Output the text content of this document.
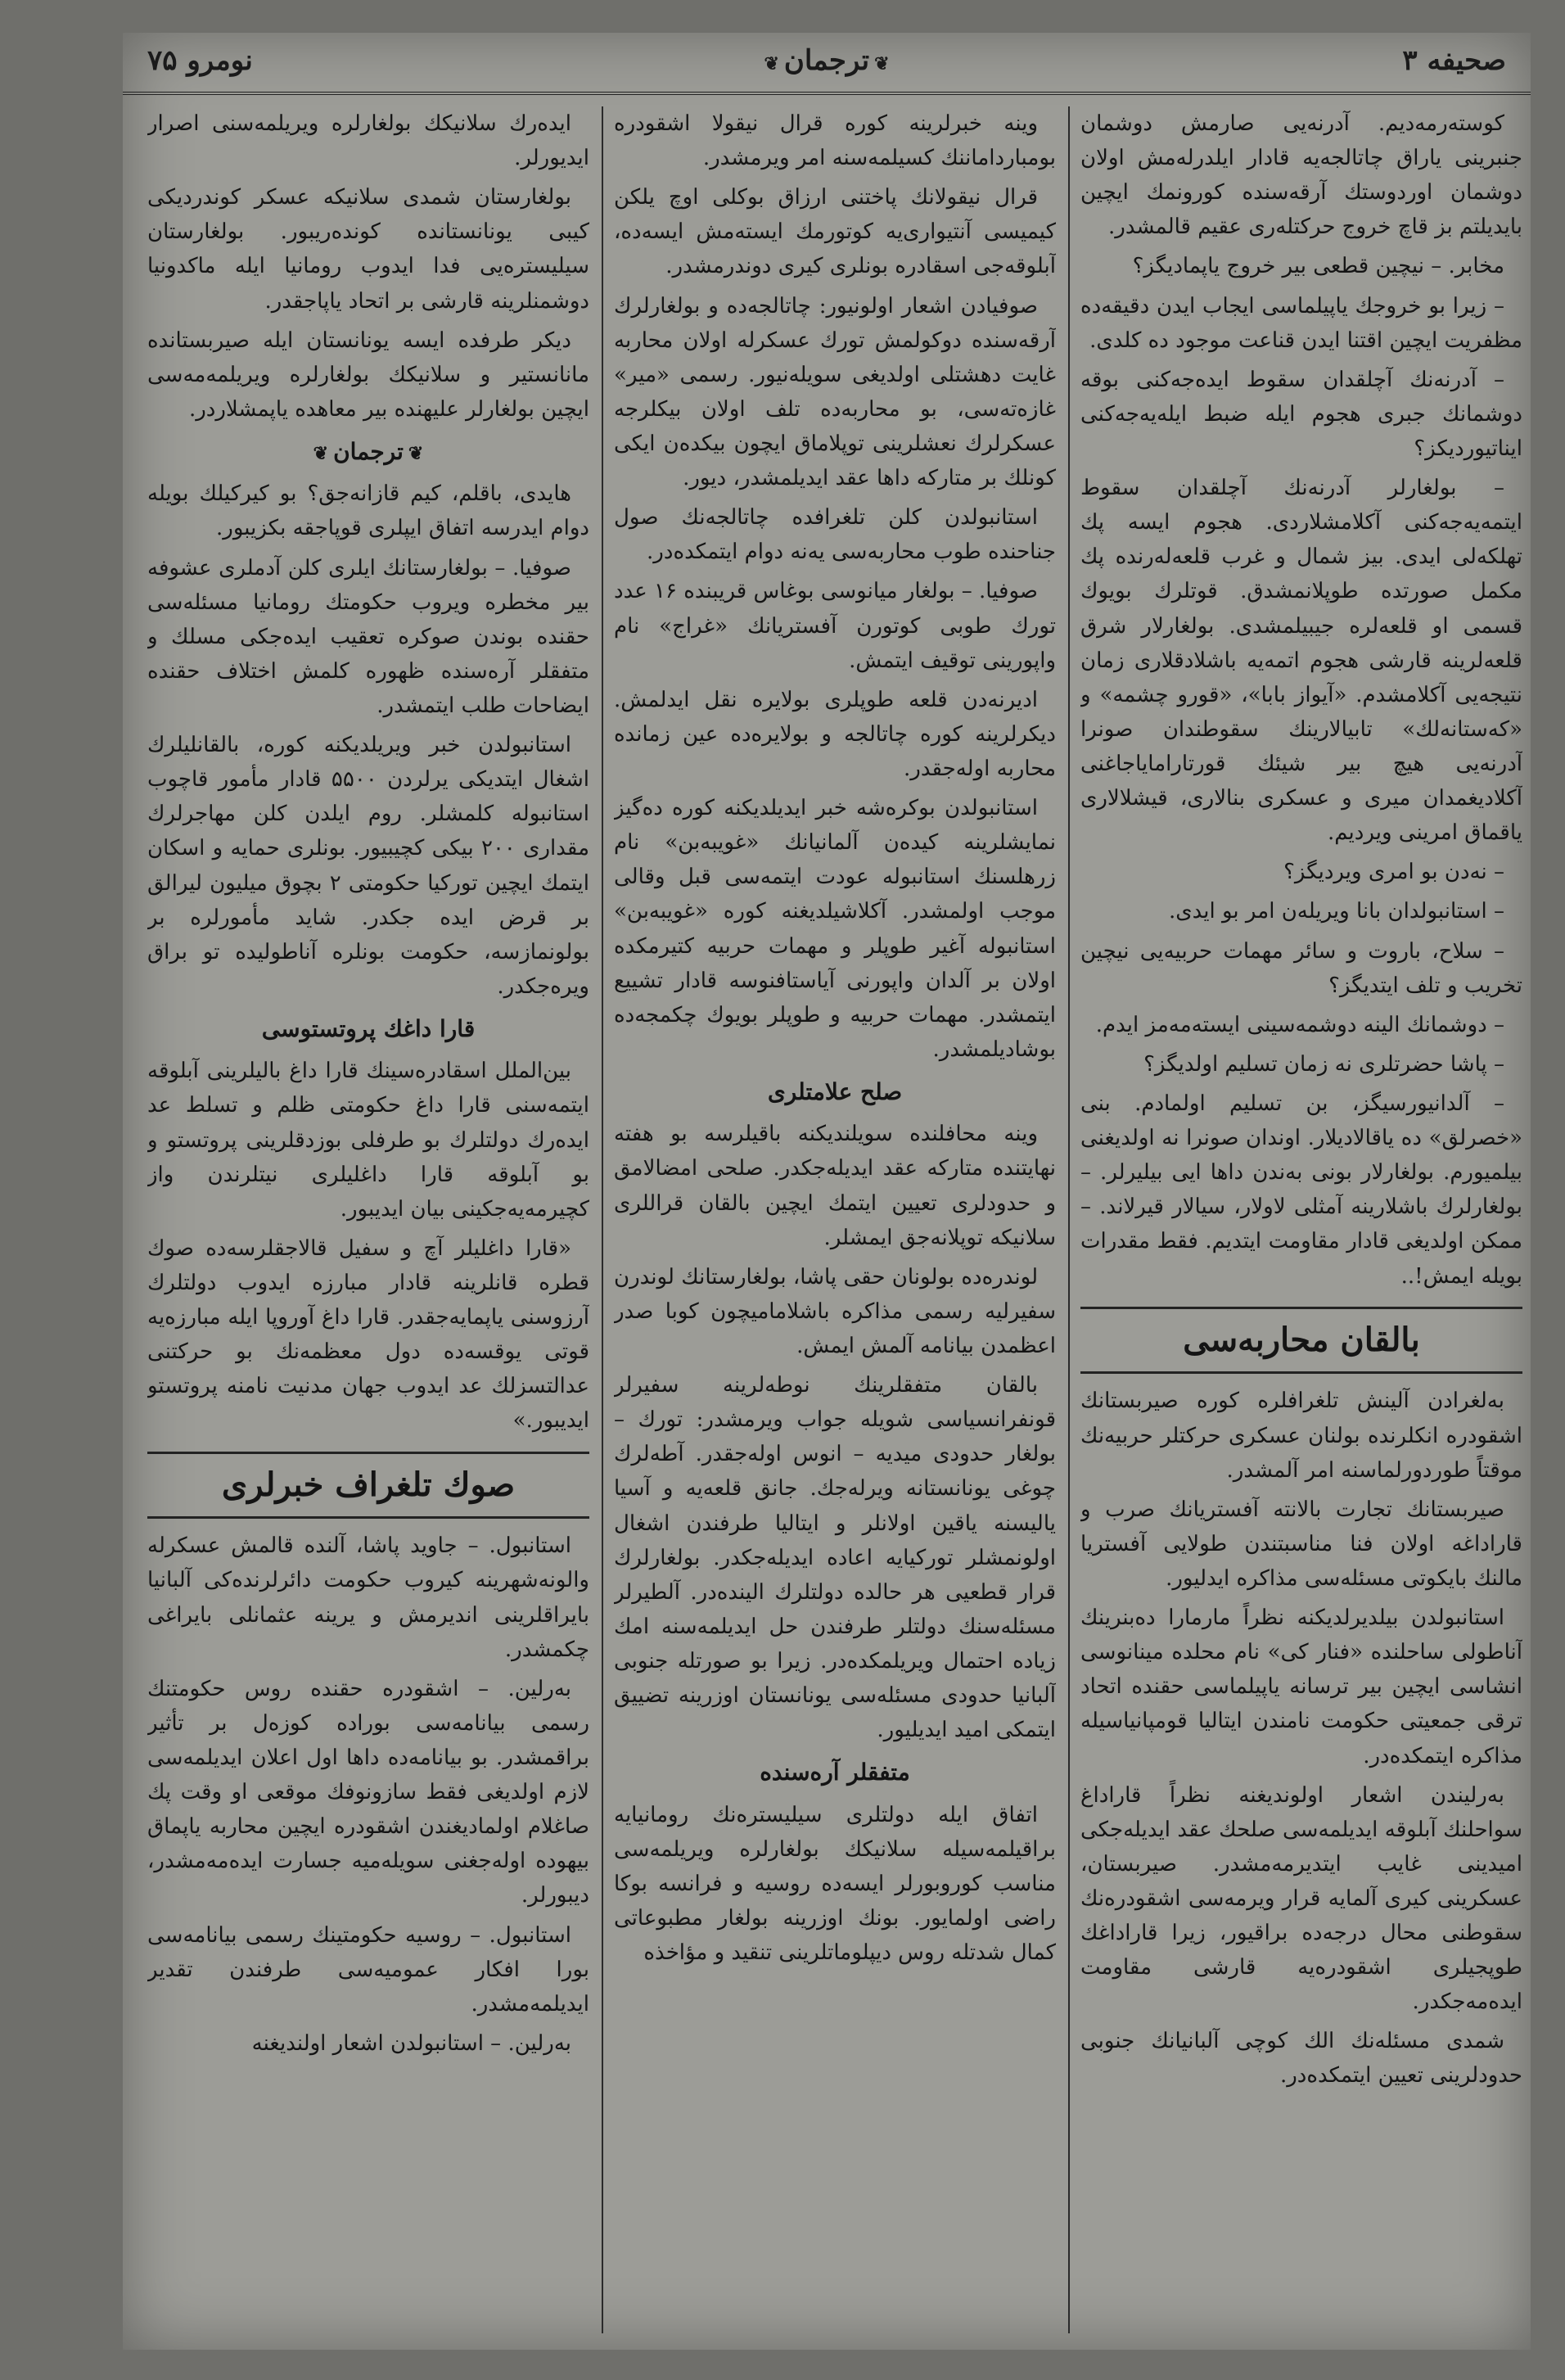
صحیفه ۳
❦ترجمان❦
نومرو ۷۵

کوستەرمەدیم. آدرنەیی صارمش دوشمان جنبرینی یاراق چاتالجەیە قادار ایلدرلەمش اولان دوشمان اوردوستك آرقەسندە كورونمك ایچین بایدیلتم بز قاچ خروج حرکتلەری عقیم قالمشدر.

مخابر. – نیچین قطعی بیر خروج یاپمادیگز؟

– زیرا بو خروجك یاپیلماسی ایجاب ایدن دقیقەدە مظفریت ایچین اقتنا ایدن قناعت موجود دە کلدی.

– آدرنەنك آچلقدان سقوط ایدەجەکنی بوقە دوشمانك جبری هجوم ایلە ضبط ایلەیەجەکنی ایناتیوردیکز؟

– بولغارلر آدرنەنك آچلقدان سقوط ایتمەیەجەکنی آکلامشلاردی. هجوم ایسە پك تهلکەلی ایدی. بیز شمال و غرب قلعەلەرندە پك مکمل صورتدە طوپلانمشدق. قوتلرك بویوك قسمی او قلعەلرە جیبیلمشدی. بولغارلار شرق قلعەلرینە قارشی هجوم اتمەیە باشلادقلاری زمان نتیجەیی آکلامشدم. «آیواز بابا»، «قورو چشمە» و «کەستانەلك» تابیالارینك سقوطندان صونرا آدرنەیی هیچ بیر شیئك قورتارامایاجاغنی آکلادیغمدان میری و عسکری بنالاری، قیشلالاری یاقماق امرینی ویردیم.

– نەدن بو امری ویردیگز؟

– استانبولدان بانا ویریلەن امر بو ایدی.

– سلاح، باروت و سائر مهمات حربیەیی نیچین تخریب و تلف ایتدیگز؟

– دوشمانك الینە دوشمەسینی ایستەمەمز ایدم.

– پاشا حضرتلرى نە زمان تسلیم اولدیگز؟

– آلدانیورسیگز، بن تسلیم اولمادم. بنی «خصرلق» دە یاقالادیلار. اوندان صونرا نە اولدیغنی بیلمیورم. بولغارلار بونی بەندن داها ایی بیلیرلر. – بولغارلرك باشلارینە آمثلی لاولار، سیالار قیرلاند. – ممکن اولدیغی قادار مقاومت ایتدیم. فقط مقدرات بویلە ایمش!..

بالقان محاربەسی

بەلغرادن آلینش تلغرافلرە کورە صیربستانك اشقودرە انکلرندە بولنان عسکری حرکتلر حربیەنك موقتاً طوردورلماسنە امر آلمشدر.

صیربستانك تجارت بالانتە آفستریانك صرب و قاراداغە اولان فنا مناسبتندن طولایی آفستریا مالنك بایکوتی مسئلەسی مذاکرە ایدلیور.

استانبولدن بیلدیرلدیکنە نظراً مارمارا دەبنرینك آناطولی ساحلندە «فنار کی» نام محلدە مینانوسی انشاسی ایچین بیر ترسانە یاپیلماسی حقندە اتحاد ترقی جمعیتی حکومت نامندن ایتالیا قومپانیاسیلە مذاکرە ایتمکدەدر.

بەرلیندن اشعار اولوندیغنە نظراً قاراداغ سواحلنك آبلوقە ایدیلمەسی صلحك عقد ایدیلەجکی امیدینی غایب ایتدیرمەمشدر. صیربستان، عسکرینی کیری آلمایە قرار ویرمەسی اشقودرەنك سقوطنی محال درجەدە براقیور، زیرا قاراداغك طوپجیلری اشقودرەیە قارشی مقاومت ایدەمەجکدر.

شمدی مسئلەنك الك کوچی آلبانیانك جنوبی حدودلرینی تعیین ایتمکدەدر.

وینە خبرلرینە کورە قرال نیقولا اشقودرە بومبارداماننك کسیلمەسنە امر ویرمشدر.

قرال نیقولانك پاختنی ارزاق بوکلی اوچ یلکن کیمیسی آنتیواری‌یە کوتورمك ایستەمش ایسەدە، آبلوقەجی اسقادرە بونلری کیری دوندرمشدر.

صوفیادن اشعار اولونیور: چاتالجەدە و بولغارلرك آرقەسندە دوکولمش تورك عسکرلە اولان محاربە غایت دهشتلی اولدیغی سویلەنیور. رسمی «میر» غازەتەسی، بو محاربەدە تلف اولان بیکلرجە عسکرلرك نعشلرینی توپلاماق ایچون بیکدەن ایکی کونلك بر متارکە داها عقد ایدیلمشدر، دیور.

استانبولدن کلن تلغرافدە چاتالجەنك صول جناحندە طوب محاربەسی یەنە دوام ایتمکدەدر.

صوفیا. – بولغار میانوسی بوغاس قریبندە ۱۶ عدد تورك طوبی کوتورن آفستریانك «غراج» نام واپورینی توقیف ایتمش.

ادیرنەدن قلعە طوپلری بولایرە نقل ایدلمش. دیکرلرینە کورە چاتالجە و بولایرەدە عین زماندە محاربە اولەجقدر.

استانبولدن بوکرەشە خبر ایدیلدیکنە کورە دەگیز نمایشلرینە کیدەن آلمانیانك «غویبەبن» نام زرهلسنك استانبولە عودت ایتمەسی قبل وقالی موجب اولمشدر. آکلاشیلدیغنە کورە «غویبەبن» استانبولە آغیر طوپلر و مهمات حربیە کتیرمکدە اولان بر آلدان واپورنی آیاستافنوسە قادار تشییع ایتمشدر. مهمات حربیە و طوپلر بویوك چکمجەدە بوشادیلمشدر.

صلح علامتلری

وینە محافلندە سویلندیکنە باقیلرسە بو هفتە نهایتندە متارکە عقد ایدیلەجکدر. صلحی امضالامق و حدودلری تعیین ایتمك ایچین بالقان قراللری سلانیکە توپلانەجق ایمشلر.

لوندرەدە بولونان حقی پاشا، بولغارستانك لوندرن سفیرلیە رسمی مذاکرە باشلامامیچون کوبا صدر اعظمدن بیانامە آلمش ایمش.

بالقان متفقلرینك نوطەلرینە سفیرلر قونفرانسیاسی شویلە جواب ویرمشدر: تورك – بولغار حدودی میدیە – انوس اولەجقدر. آطەلرك چوغی یونانستانە ویرلەجك. جانق قلعەیە و آسیا یالیسنە یاقین اولانلر و ایتالیا طرفندن اشغال اولونمشلر تورکیایە اعادە ایدیلەجکدر. بولغارلرك قرار قطعیی هر حالدە دولتلرك الیندەدر. آلطیرلر مسئلەسنك دولتلر طرفندن حل ایدیلمەسنە امك زیادە احتمال ویریلمکدەدر. زیرا بو صورتلە جنوبی آلبانیا حدودی مسئلەسی یونانستان اوزرینە تضییق ایتمکی امید ایدیلیور.

متفقلر آرەسندە

اتفاق ایلە دولتلری سیلیسترەنك رومانیایە براقیلمەسیلە سلانیکك بولغارلرە ویریلمەسی مناسب کوروبورلر ایسەدە روسیە و فرانسە بوکا راضی اولمایور. بونك اوزرینە بولغار مطبوعاتی کمال شدتلە روس دیپلوماتلرینی تنقید و مؤاخذە

ایدەرك سلانیکك بولغارلرە ویریلمەسنی اصرار ایدیورلر.

بولغارستان شمدی سلانیکە عسکر کوندردیکی کیبی یونانستاندە کوندەریبور. بولغارستان سیلیسترەیی فدا ایدوب رومانیا ایلە ماکدونیا دوشمنلرینە قارشی بر اتحاد یاپاجقدر.

دیکر طرفدە ایسە یونانستان ایلە صیربستاندە مانانستیر و سلانیکك بولغارلرە ویریلمەمەسی ایچین بولغارلر علیهندە بیر معاهدە یاپمشلاردر.

❦ترجمان❦

هایدی، باقلم، کیم قازانەجق؟ بو کیرکیلك بویلە دوام ایدرسە اتفاق ایپلری قوپاجقە بکزیبور.

صوفیا. – بولغارستانك ایلری کلن آدملری عشوفە بیر مخطرە ویروب حکومتك رومانیا مسئلەسی حقندە بوندن صوکرە تعقیب ایدەجکی مسلك و متفقلر آرەسندە ظهورە کلمش اختلاف حقندە ایضاحات طلب ایتمشدر.

استانبولدن خبر ویریلدیکنە کورە، بالقانلیلرك اشغال ایتدیکی یرلردن ۵۵۰۰ قادار مأمور قاچوب استانبولە کلمشلر. روم ایلدن کلن مهاجرلرك مقداری ۲۰۰ بیکی کچیبیور. بونلری حمایە و اسکان ایتمك ایچین تورکیا حکومتی ۲ بچوق میلیون لیرالق بر قرض ایدە جکدر. شاید مأمورلرە بر بولونمازسە، حکومت بونلرە آناطولیدە تو براق ویرەجکدر.

قارا داغك پروتستوسی

بین‌الملل اسقادرەسینك قارا داغ بالیلرینی آبلوقە ایتمەسنی قارا داغ حکومتی ظلم و تسلط عد ایدەرك دولتلرك بو طرفلی بوزدقلرینی پروتستو و بو آبلوقە قارا داغلیلری نیتلرندن واز کچیرمەیەجکینی بیان ایدیبور.

«قارا داغلیلر آچ و سفیل قالاجقلرسەدە صوك قطرە قانلرینە قادار مبارزە ایدوب دولتلرك آرزوسنی یاپمایەجقدر. قارا داغ آوروپا ایلە مبارزەیە قوتی یوقسەدە دول معظمەنك بو حرکتنی عدالتسزلك عد ایدوب جهان مدنیت نامنە پروتستو ایدیبور.»

صوك تلغراف خبرلری

استانبول. – جاوید پاشا، آلندە قالمش عسکرلە والونەشهرینە کیروب حکومت دائرلرندەکی آلبانیا بایراقلرینی اندیرمش و یرینە عثمانلی بایراغی چکمشدر.

بەرلین. – اشقودرە حقندە روس حکومتنك رسمی بیانامەسی بوراده کوزەل بر تأثیر براقمشدر. بو بیانامەدە داها اول اعلان ایدیلمەسی لازم اولدیغی فقط سازونوفك موقعی او وقت پك صاغلام اولمادیغندن اشقودرە ایچین محاربە یاپماق بیهودە اولەجغنی سویلەمیە جسارت ایدەمەمشدر، دیبورلر.

استانبول. – روسیە حکومتینك رسمی بیانامەسی بورا افکار عمومیەسی طرفندن تقدیر ایدیلمەمشدر.

بەرلین. – استانبولدن اشعار اولندیغنە
